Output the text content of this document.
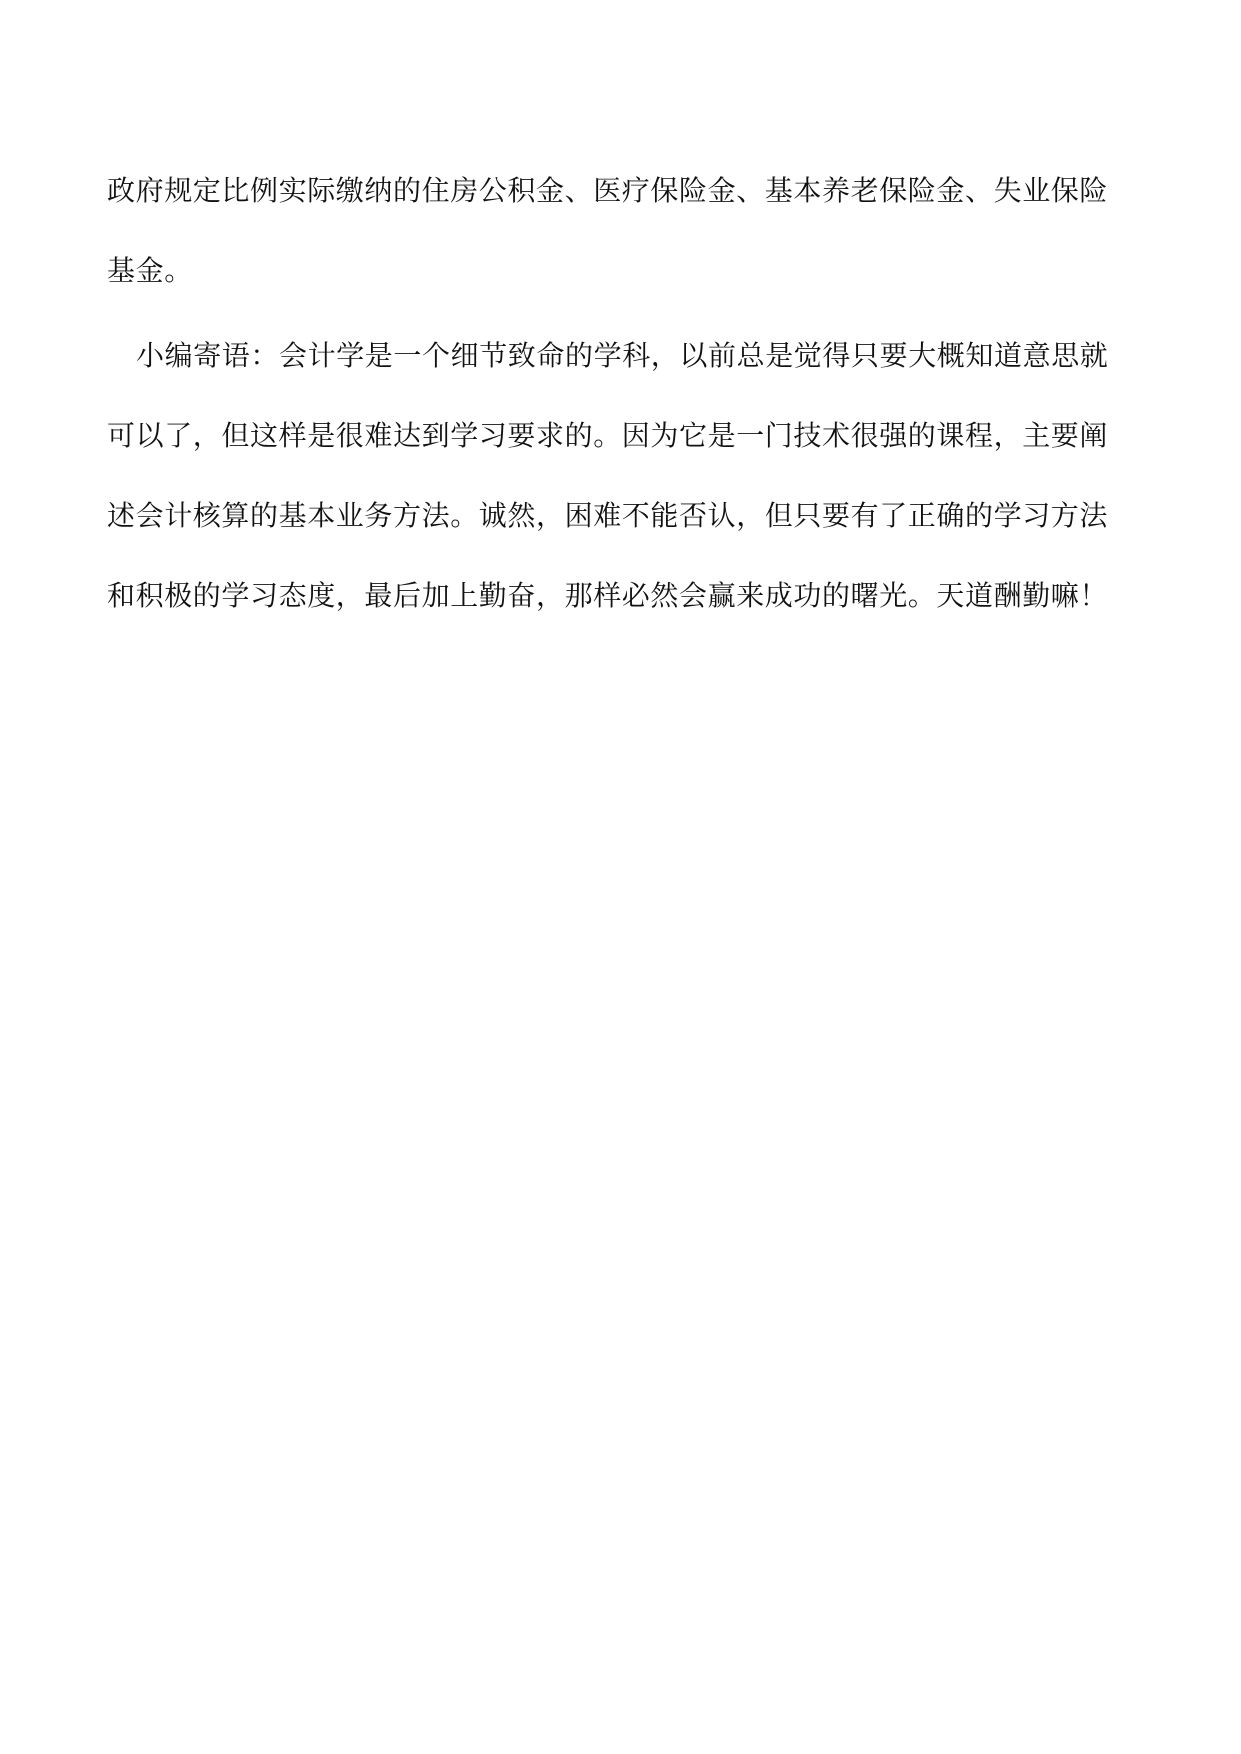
政府规定比例实际缴纳的住房公积金、医疗保险金、基本养老保险金、失业保险
基金。
小编寄语：会计学是一个细节致命的学科，以前总是觉得只要大概知道意思就
可以了，但这样是很难达到学习要求的。因为它是一门技术很强的课程，主要阐
述会计核算的基本业务方法。诚然，困难不能否认，但只要有了正确的学习方法
和积极的学习态度，最后加上勤奋，那样必然会赢来成功的曙光。天道酬勤嘛！
